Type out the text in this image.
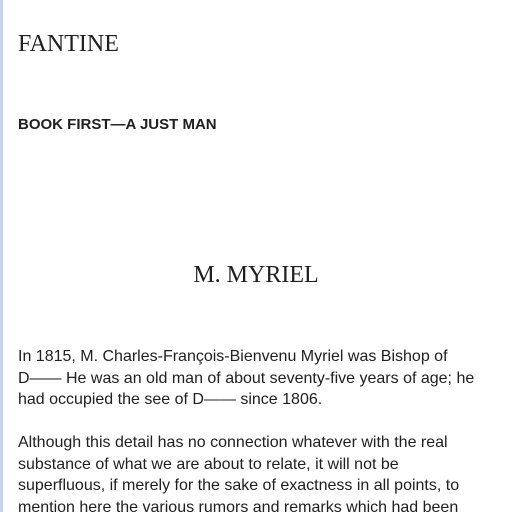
FANTINE
BOOK FIRST—A JUST MAN
M. MYRIEL

In 1815, M. Charles-François-Bienvenu Myriel was Bishop of
D—— He was an old man of about seventy-five years of age; he
had occupied the see of D—— since 1806.

Although this detail has no connection whatever with the real
substance of what we are about to relate, it will not be
superfluous, if merely for the sake of exactness in all points, to
mention here the various rumors and remarks which had been
